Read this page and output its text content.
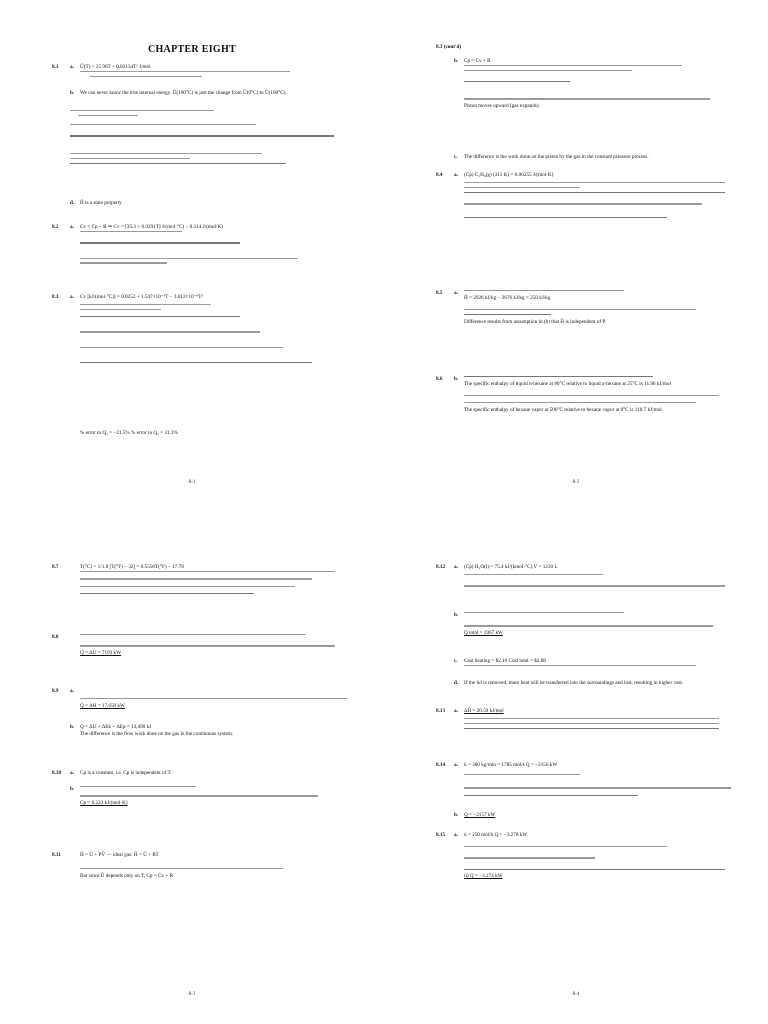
CHAPTER EIGHT
8.1 a. Û(T) = 25.96T + 0.02134T² J/mol
b. We can never know the true internal energy. Û(100°C) is just the change from Û(0°C) to Û(100°C).
d. Ĥ is a state property
8.2 a. Cv = Cp − R ⇒ Cv = [35.3 + 0.0291T] J/(mol·°C) − 8.314 J/(mol·K)
8.3 a. Cv [kJ/(mol·°C)] = 0.0252 + 1.547×10⁻⁵T − 3.012×10⁻⁹T²
% error in Q₁ = −21.5% % error in Q₂ = 31.3%
8-1
8.3 (cont'd)
b. Cp = Cv + R
Piston moves upward (gas expands).
c. The difference is the work done on the piston by the gas in the constant pressure process.
8.4 a. (Cp) C₂H₆(g) (313 K) = 0.06255 J/(mol·K)
8.5 a.
Ĥ = 2926 kJ/kg − 2676 kJ/kg = 250 kJ/kg
Difference results from assumption in (b) that Ĥ is independent of P.
8.6 b.
The specific enthalpy of liquid n-hexane at 80°C relative to liquid n-hexane at 25°C is 11.90 kJ/mol
The specific enthalpy of hexane vapor at 500°C relative to hexane vapor at 0°C is 110.7 kJ/mol.
8-2
8.7	T(°C) = 1/1.8 [T(°F) − 32] = 0.5556T(°F) − 17.78
8.8
Q = ΔU = 7193 kW
8.9 a.
Q = ΔH = 17,650 kW
b. Q = ΔU + ΔEk + ΔEp = 13,490 kJ
The difference is the flow work done on the gas in the continuous system.
8.10 a. Cp is a constant, i.e. Cp is independent of T.
b.
Cp = 0.223 kJ/(mol·K)
8.11	Ĥ = Û + PV̂ — ideal gas: Ĥ = Û + RT
But since Û depends only on T, Cp = Cv + R
8-3
8.12 a. (Cp) H₂O(l) = 75.4 kJ/(kmol·°C) V = 1230 L
b.
Q total = 1967 kW
c. Cost heating = $2.16 Cost total = $2.88
d. If the lid is removed, more heat will be transferred into the surroundings and lost, resulting in higher cost.
8.13 a. ΔĤ = 20.59 kJ/mol
8.14 a. ṅ = 300 kg/min = 1785 mol/s Q = −2156 kW
b. Q = −2157 kW
8.15 a. ṅ = 250 mol/h Q = −3.278 kW
ii) Q = −3.274 kW
8-4
